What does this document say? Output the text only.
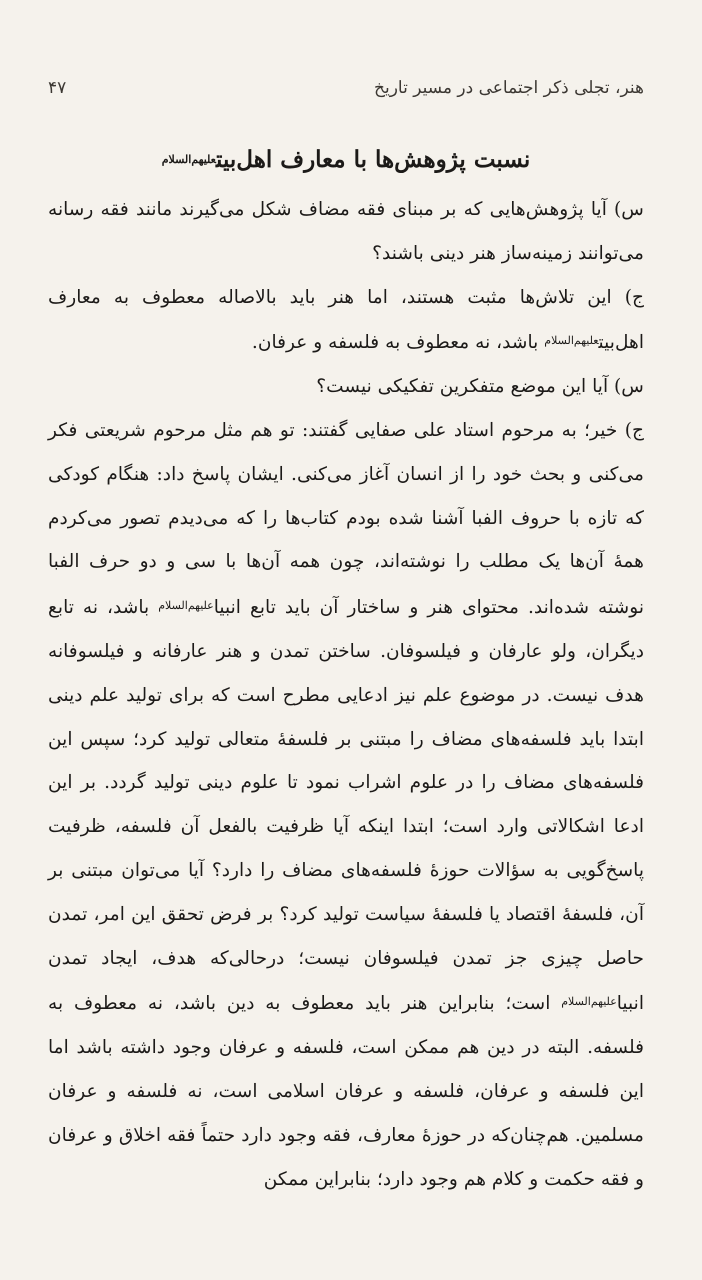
هنر، تجلی ذکر اجتماعی در مسیر تاریخ
۴۷
نسبت پژوهش‌ها با معارف اهل‌بیتعلیهم‌السلام

س) آیا پژوهش‌هایی که بر مبنای فقه مضاف شکل می‌گیرند مانند فقه رسانه می‌توانند زمینه‌ساز هنر دینی باشند؟

ج) این تلاش‌ها مثبت هستند، اما هنر باید بالاصاله معطوف به معارف اهل‌بیت$^{علیهم‌السلام}$ باشد، نه معطوف به فلسفه و عرفان.

س) آیا این موضع متفکرین تفکیکی نیست؟

ج) خیر؛ به مرحوم استاد علی صفایی گفتند: تو هم مثل مرحوم شریعتی فکر می‌کنی و بحث خود را از انسان آغاز می‌کنی. ایشان پاسخ داد: هنگام کودکی که تازه با حروف الفبا آشنا شده بودم کتاب‌ها را که می‌دیدم تصور می‌کردم همهٔ آن‌ها یک مطلب را نوشته‌اند، چون همه آن‌ها با سی و دو حرف الفبا نوشته شده‌اند. محتوای هنر و ساختار آن باید تابع انبیا$^{علیهم‌السلام}$ باشد، نه تابع دیگران، ولو عارفان و فیلسوفان. ساختن تمدن و هنر عارفانه و فیلسوفانه هدف نیست. در موضوع علم نیز ادعایی مطرح است که برای تولید علم دینی ابتدا باید فلسفه‌های مضاف را مبتنی بر فلسفهٔ متعالی تولید کرد؛ سپس این فلسفه‌های مضاف را در علوم اشراب نمود تا علوم دینی تولید گردد. بر این ادعا اشکالاتی وارد است؛ ابتدا اینکه آیا ظرفیت بالفعل آن فلسفه، ظرفیت پاسخ‌گویی به سؤالات حوزهٔ فلسفه‌های مضاف را دارد؟ آیا می‌توان مبتنی بر آن، فلسفهٔ اقتصاد یا فلسفهٔ سیاست تولید کرد؟ بر فرض تحقق این امر، تمدن حاصل چیزی جز تمدن فیلسوفان نیست؛ درحالی‌که هدف، ایجاد تمدن انبیا$^{علیهم‌السلام}$ است؛ بنابراین هنر باید معطوف به دین باشد، نه معطوف به فلسفه. البته در دین هم ممکن است، فلسفه و عرفان وجود داشته باشد اما این فلسفه و عرفان، فلسفه و عرفان اسلامی است، نه فلسفه و عرفان مسلمین. هم‌چنان‌که در حوزهٔ معارف، فقه وجود دارد حتماً فقه اخلاق و عرفان و فقه حکمت و کلام هم وجود دارد؛ بنابراین ممکن
